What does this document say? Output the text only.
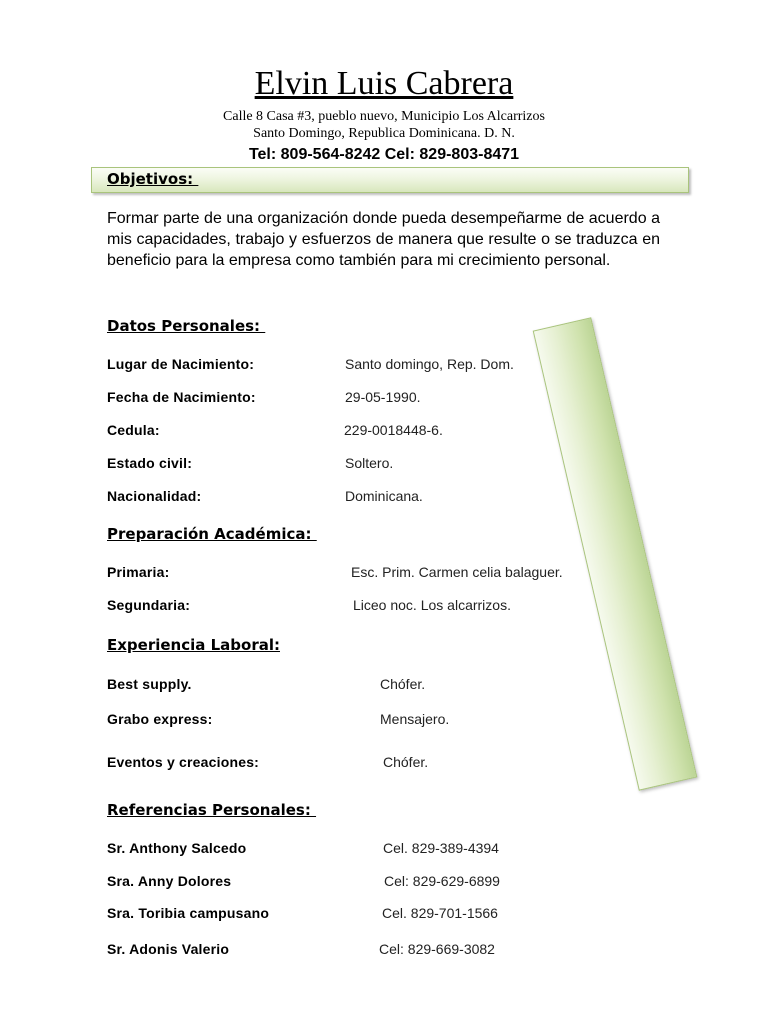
Elvin Luis Cabrera
Calle 8 Casa #3, pueblo nuevo, Municipio Los Alcarrizos
Santo Domingo, Republica Dominicana. D. N.
Tel: 809-564-8242 Cel: 829-803-8471
Objetivos:

Formar parte de una organización donde pueda desempeñarme de acuerdo a mis capacidades, trabajo y esfuerzos de manera que resulte o se traduzca en beneficio para la empresa como también para mi crecimiento personal.

Datos Personales:
Lugar de Nacimiento:	Santo domingo, Rep. Dom.
Fecha de Nacimiento:	29-05-1990.
Cedula:	229-0018448-6.
Estado civil:	Soltero.
Nacionalidad:	Dominicana.
Preparación Académica:
Primaria:	Esc. Prim. Carmen celia balaguer.
Segundaria:	Liceo noc. Los alcarrizos.
Experiencia Laboral:
Best supply.	Chófer.
Grabo express:	Mensajero.
Eventos y creaciones:	Chófer.
Referencias Personales:
Sr. Anthony Salcedo	Cel. 829-389-4394
Sra. Anny Dolores	Cel: 829-629-6899
Sra. Toribia campusano	Cel. 829-701-1566
Sr. Adonis Valerio	Cel: 829-669-3082
